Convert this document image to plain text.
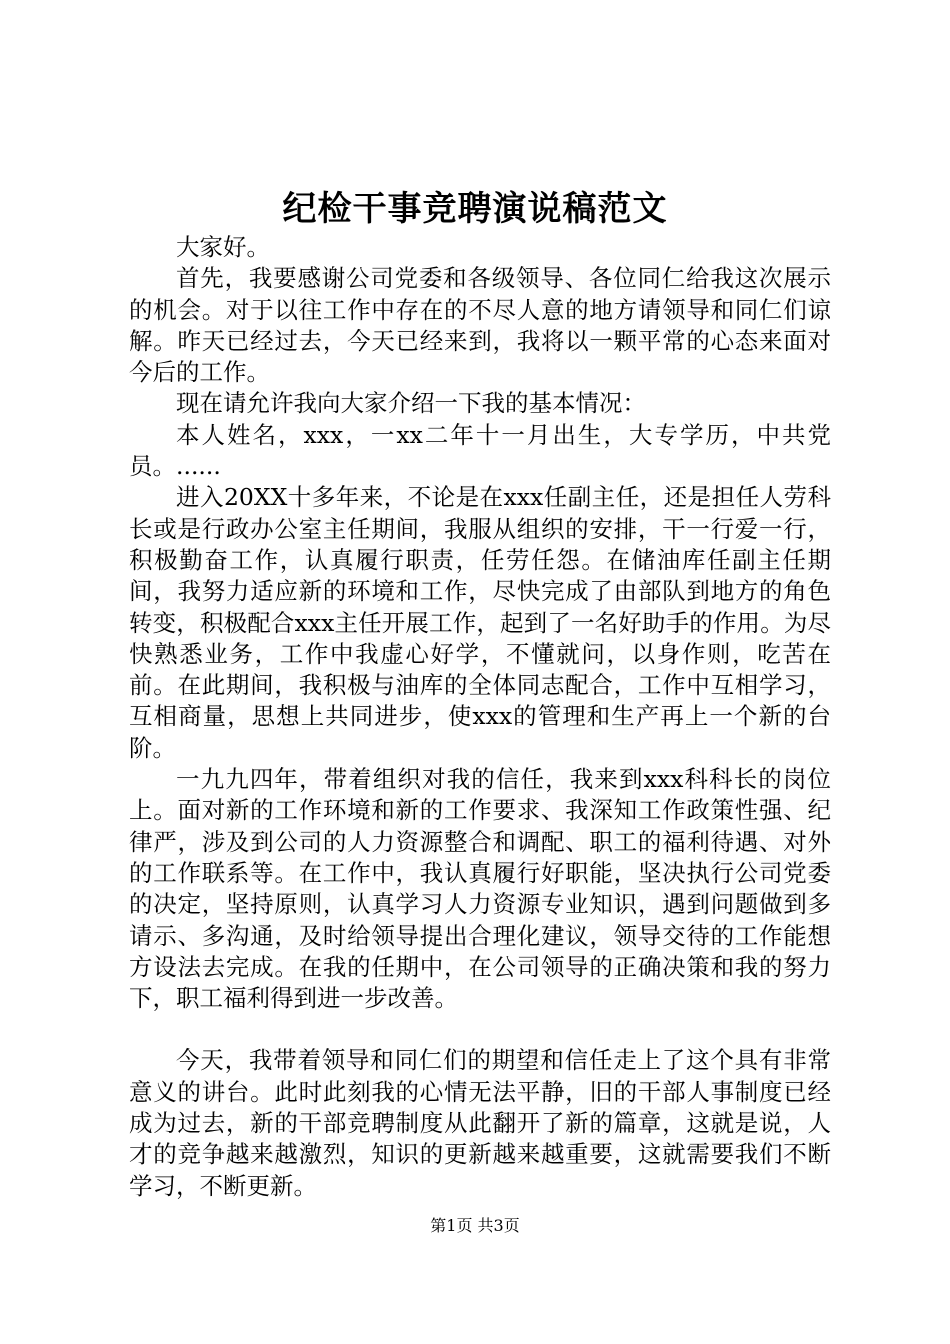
纪检干事竞聘演说稿范文

大家好。

首先，我要感谢公司党委和各级领导、各位同仁给我这次展示的机会。对于以往工作中存在的不尽人意的地方请领导和同仁们谅解。昨天已经过去，今天已经来到，我将以一颗平常的心态来面对今后的工作。

现在请允许我向大家介绍一下我的基本情况：

本人姓名，xxx，一xx二年十一月出生，大专学历，中共党员。......

进入20XX十多年来，不论是在xxx任副主任，还是担任人劳科长或是行政办公室主任期间，我服从组织的安排，干一行爱一行，积极勤奋工作，认真履行职责，任劳任怨。在储油库任副主任期间，我努力适应新的环境和工作，尽快完成了由部队到地方的角色转变，积极配合xxx主任开展工作，起到了一名好助手的作用。为尽快熟悉业务，工作中我虚心好学，不懂就问，以身作则，吃苦在前。在此期间，我积极与油库的全体同志配合，工作中互相学习，互相商量，思想上共同进步，使xxx的管理和生产再上一个新的台阶。

一九九四年，带着组织对我的信任，我来到xxx科科长的岗位上。面对新的工作环境和新的工作要求、我深知工作政策性强、纪律严，涉及到公司的人力资源整合和调配、职工的福利待遇、对外的工作联系等。在工作中，我认真履行好职能，坚决执行公司党委的决定，坚持原则，认真学习人力资源专业知识，遇到问题做到多请示、多沟通，及时给领导提出合理化建议，领导交待的工作能想方设法去完成。在我的任期中，在公司领导的正确决策和我的努力下，职工福利得到进一步改善。

今天，我带着领导和同仁们的期望和信任走上了这个具有非常意义的讲台。此时此刻我的心情无法平静，旧的干部人事制度已经成为过去，新的干部竞聘制度从此翻开了新的篇章，这就是说，人才的竞争越来越激烈，知识的更新越来越重要，这就需要我们不断学习，不断更新。

第1页 共3页
